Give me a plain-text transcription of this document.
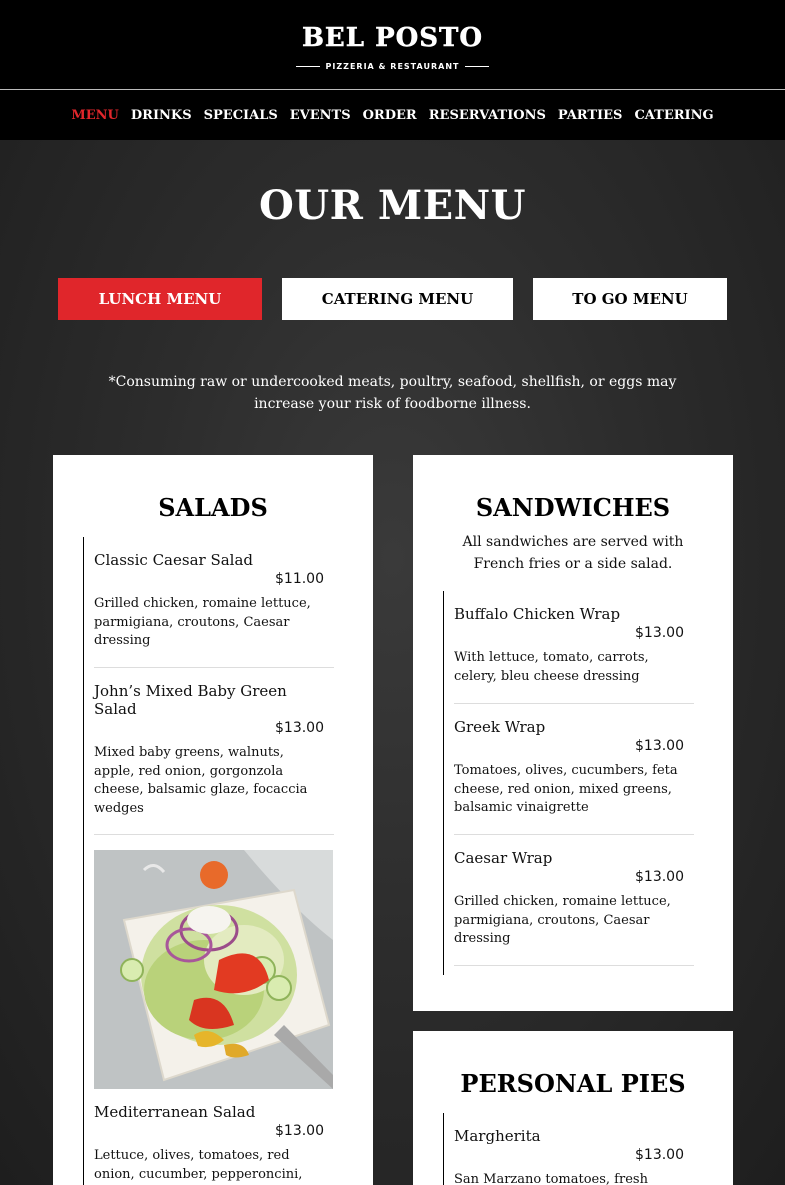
BEL POSTO
PIZZERIA & RESTAURANT
MENU DRINKS SPECIALS EVENTS ORDER RESERVATIONS PARTIES CATERING
OUR MENU
LUNCH MENU	CATERING MENU	TO GO MENU
*Consuming raw or undercooked meats, poultry, seafood, shellfish, or eggs may increase your risk of foodborne illness.
SALADS
Classic Caesar Salad
$11.00
Grilled chicken, romaine lettuce, parmigiana, croutons, Caesar dressing
John’s Mixed Baby Green Salad
$13.00
Mixed baby greens, walnuts, apple, red onion, gorgonzola cheese, balsamic glaze, focaccia wedges
Mediterranean Salad
$13.00
Lettuce, olives, tomatoes, red onion, cucumber, pepperoncini,
SANDWICHES
All sandwiches are served with French fries or a side salad.
Buffalo Chicken Wrap
$13.00
With lettuce, tomato, carrots, celery, bleu cheese dressing
Greek Wrap
$13.00
Tomatoes, olives, cucumbers, feta cheese, red onion, mixed greens, balsamic vinaigrette
Caesar Wrap
$13.00
Grilled chicken, romaine lettuce, parmigiana, croutons, Caesar dressing
PERSONAL PIES
Margherita
$13.00
San Marzano tomatoes, fresh
